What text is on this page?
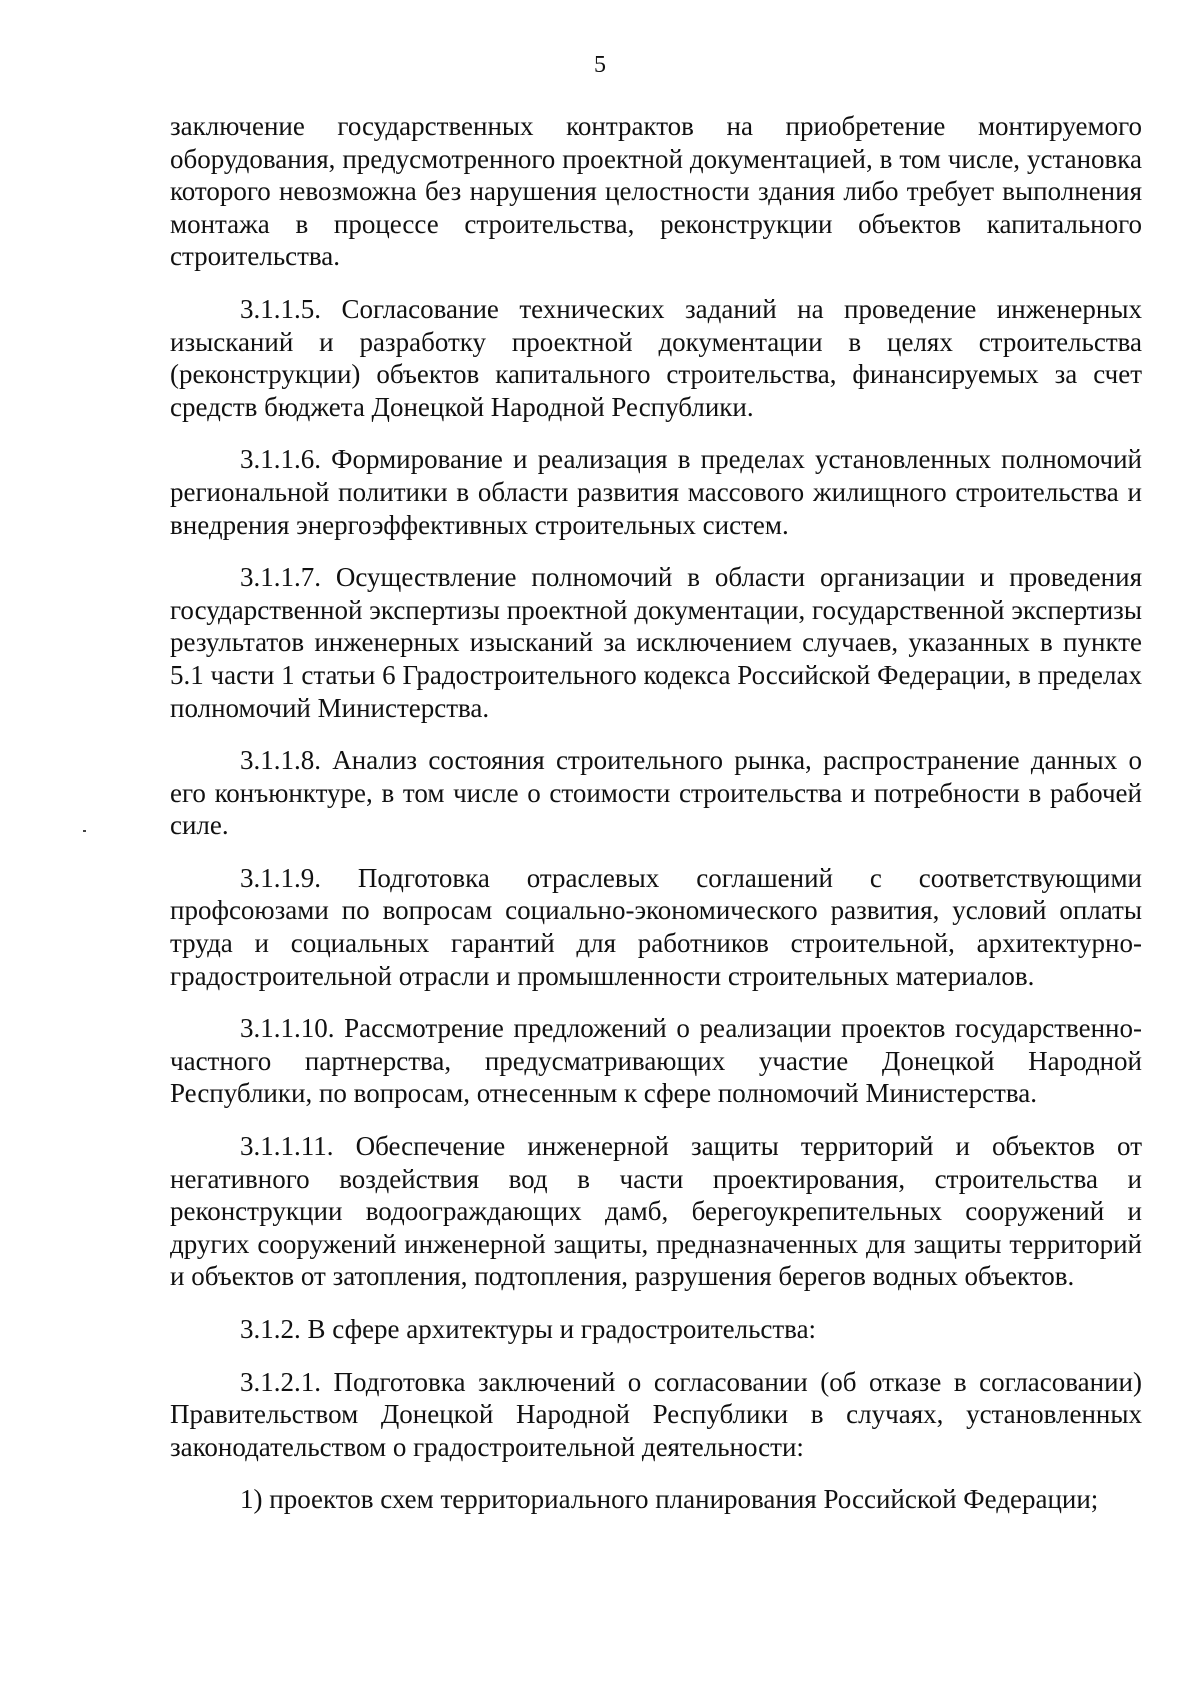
5

заключение государственных контрактов на приобретение монтируемого оборудования, предусмотренного проектной документацией, в том числе, установка которого невозможна без нарушения целостности здания либо требует выполнения монтажа в процессе строительства, реконструкции объектов капитального строительства.

3.1.1.5. Согласование технических заданий на проведение инженерных изысканий и разработку проектной документации в целях строительства (реконструкции) объектов капитального строительства, финансируемых за счет средств бюджета Донецкой Народной Республики.

3.1.1.6. Формирование и реализация в пределах установленных полномочий региональной политики в области развития массового жилищного строительства и внедрения энергоэффективных строительных систем.

3.1.1.7. Осуществление полномочий в области организации и проведения государственной экспертизы проектной документации, государственной экспертизы результатов инженерных изысканий за исключением случаев, указанных в пункте 5.1 части 1 статьи 6 Градостроительного кодекса Российской Федерации, в пределах полномочий Министерства.

3.1.1.8. Анализ состояния строительного рынка, распространение данных о его конъюнктуре, в том числе о стоимости строительства и потребности в рабочей силе.

3.1.1.9. Подготовка отраслевых соглашений с соответствующими профсоюзами по вопросам социально-экономического развития, условий оплаты труда и социальных гарантий для работников строительной, архитектурно-градостроительной отрасли и промышленности строительных материалов.

3.1.1.10. Рассмотрение предложений о реализации проектов государственно-частного партнерства, предусматривающих участие Донецкой Народной Республики, по вопросам, отнесенным к сфере полномочий Министерства.

3.1.1.11. Обеспечение инженерной защиты территорий и объектов от негативного воздействия вод в части проектирования, строительства и реконструкции водоограждающих дамб, берегоукрепительных сооружений и других сооружений инженерной защиты, предназначенных для защиты территорий и объектов от затопления, подтопления, разрушения берегов водных объектов.

3.1.2. В сфере архитектуры и градостроительства:

3.1.2.1. Подготовка заключений о согласовании (об отказе в согласовании) Правительством Донецкой Народной Республики в случаях, установленных законодательством о градостроительной деятельности:

1) проектов схем территориального планирования Российской Федерации;
